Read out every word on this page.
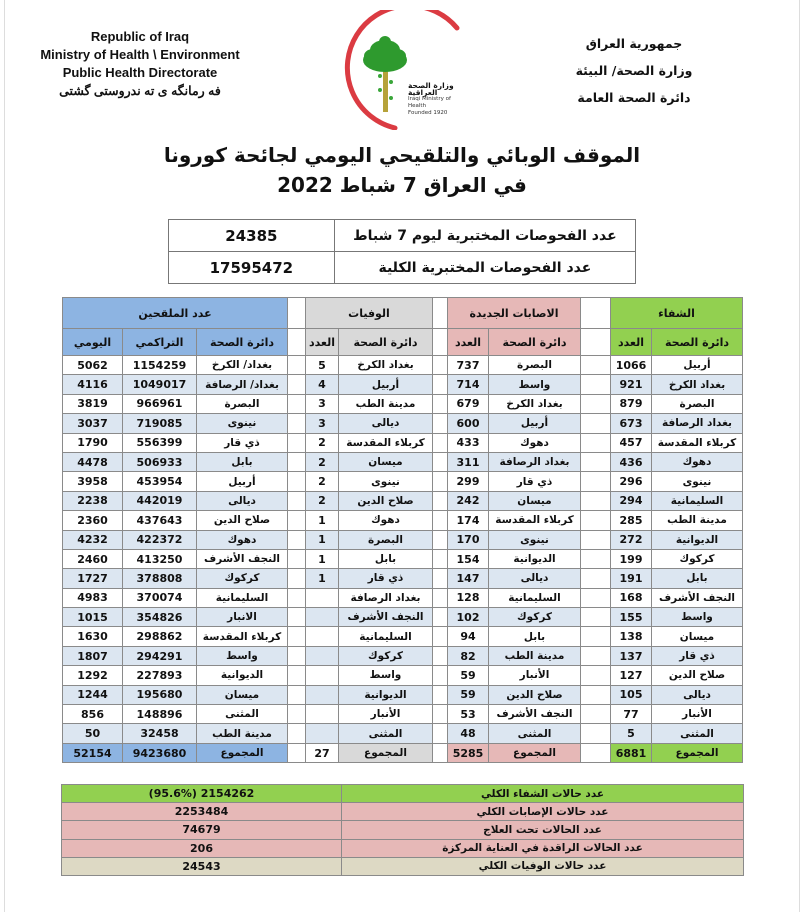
Republic of Iraq
Ministry of Health \ Environment
Public Health Directorate
فه رمانگه ی ته ندروستی گشتی	وزارة الصحة العراقية
Iraqi Ministry of Health
Founded 1920
جمهورية العراق
وزارة الصحة/ البيئة
دائرة الصحة العامة
الموقف الوبائي والتلقيحي اليومي لجائحة كورونا
في العراق 7 شباط 2022
عدد الفحوصات المختبرية ليوم 7 شباط	24385
عدد الفحوصات المختبرية الكلية	17595472
الشفاء			الاصابات الجديدة			الوفيات			عدد الملقحين		
دائرة الصحة	العدد		دائرة الصحة	العدد		دائرة الصحة	العدد		دائرة الصحة	التراكمي	اليومي
أربيل	1066		البصرة	737		بغداد الكرخ	5		بغداد/ الكرخ	1154259	5062
بغداد الكرخ	921		واسط	714		أربيل	4		بغداد/ الرصافة	1049017	4116
البصرة	879		بغداد الكرخ	679		مدينة الطب	3		البصرة	966961	3819
بغداد الرصافة	673		أربيل	600		ديالى	3		نينوى	719085	3037
كربلاء المقدسة	457		دهوك	433		كربلاء المقدسة	2		ذي قار	556399	1790
دهوك	436		بغداد الرصافة	311		ميسان	2		بابل	506933	4478
نينوى	296		ذي قار	299		نينوى	2		أربيل	453954	3958
السليمانية	294		ميسان	242		صلاح الدين	2		ديالى	442019	2238
مدينة الطب	285		كربلاء المقدسة	174		دهوك	1		صلاح الدين	437643	2360
الديوانية	272		نينوى	170		البصرة	1		دهوك	422372	4232
كركوك	199		الديوانية	154		بابل	1		النجف الأشرف	413250	2460
بابل	191		ديالى	147		ذي قار	1		كركوك	378808	1727
النجف الأشرف	168		السليمانية	128		بغداد الرصافة			السليمانية	370074	4983
واسط	155		كركوك	102		النجف الأشرف			الانبار	354826	1015
ميسان	138		بابل	94		السليمانية			كربلاء المقدسة	298862	1630
ذي قار	137		مدينة الطب	82		كركوك			واسط	294291	1807
صلاح الدين	127		الأنبار	59		واسط			الديوانية	227893	1292
ديالى	105		صلاح الدين	59		الديوانية			ميسان	195680	1244
الأنبار	77		النجف الأشرف	53		الأنبار			المثنى	148896	856
المثنى	5		المثنى	48		المثنى			مدينة الطب	32458	50
المجموع	6881		المجموع	5285		المجموع	27		المجموع	9423680	52154
عدد حالات الشفاء الكلي	2154262 (95.6%)
عدد حالات الإصابات الكلي	2253484
عدد الحالات تحت العلاج	74679
عدد الحالات الراقدة في العناية المركزة	206
عدد حالات الوفيات الكلي	24543
